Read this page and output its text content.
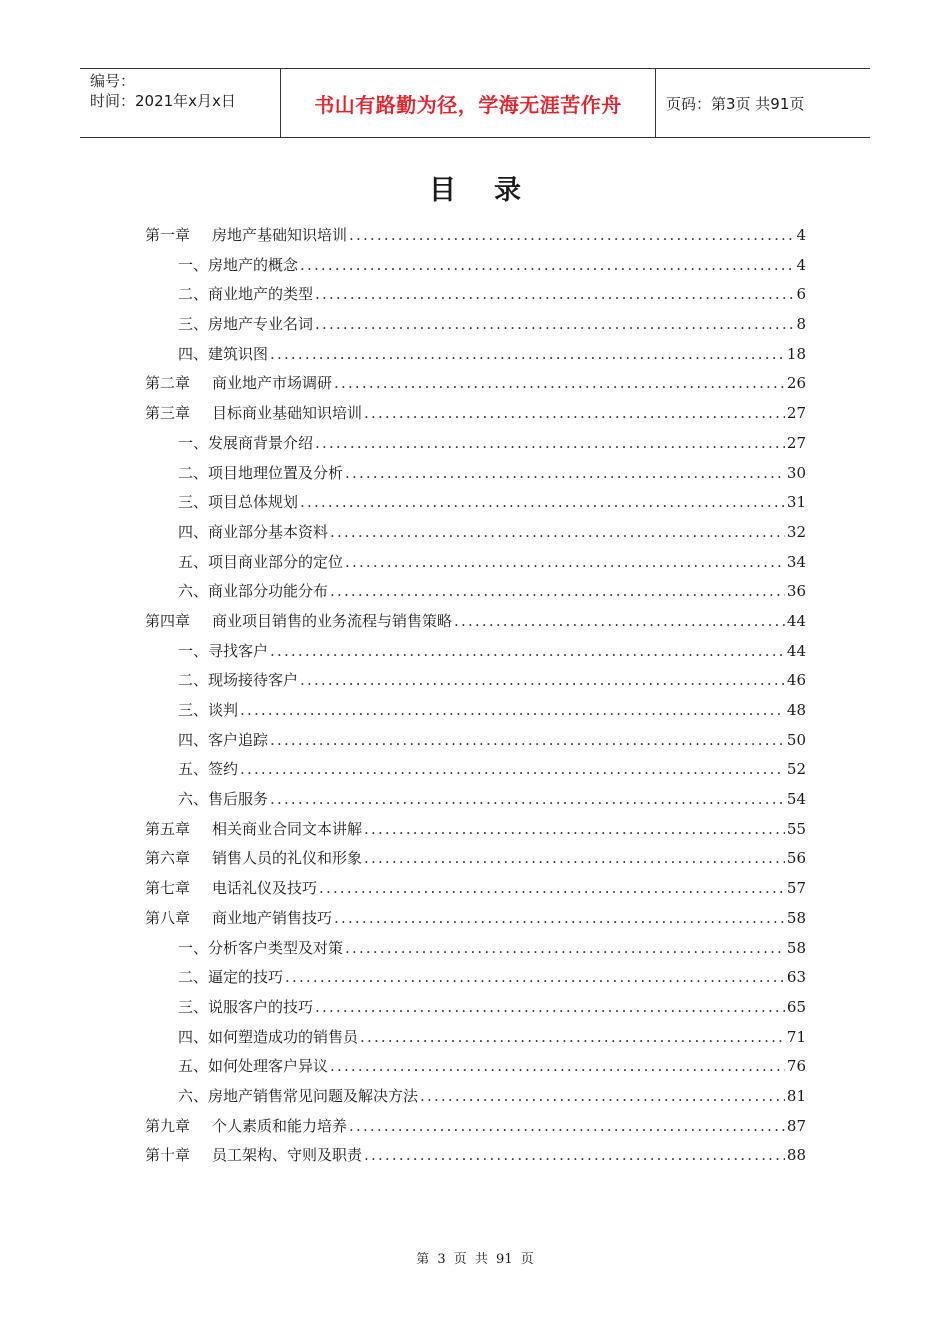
编号：
时间：2021年x月x日	书山有路勤为径，学海无涯苦作舟	页码：第3页 共91页
目录
第一章	房地产基础知识培训 .....	4
一、房地产的概念 .....	4
二、商业地产的类型 .....	6
三、房地产专业名词 .....	8
四、建筑识图 .....	18
第二章	商业地产市场调研 .....	26
第三章	目标商业基础知识培训 .....	27
一、发展商背景介绍 .....	27
二、项目地理位置及分析 .....	30
三、项目总体规划 .....	31
四、商业部分基本资料 .....	32
五、项目商业部分的定位 .....	34
六、商业部分功能分布 .....	36
第四章	商业项目销售的业务流程与销售策略 .....	44
一、寻找客户 .....	44
二、现场接待客户 .....	46
三、谈判 .....	48
四、客户追踪 .....	50
五、签约 .....	52
六、售后服务 .....	54
第五章	相关商业合同文本讲解 .....	55
第六章	销售人员的礼仪和形象 .....	56
第七章	电话礼仪及技巧 .....	57
第八章	商业地产销售技巧 .....	58
一、分析客户类型及对策 .....	58
二、逼定的技巧 .....	63
三、说服客户的技巧 .....	65
四、如何塑造成功的销售员 .....	71
五、如何处理客户异议 .....	76
六、房地产销售常见问题及解决方法 .....	81
第九章	个人素质和能力培养 .....	87
第十章	员工架构、守则及职责 .....	88
第 3 页 共 91 页
